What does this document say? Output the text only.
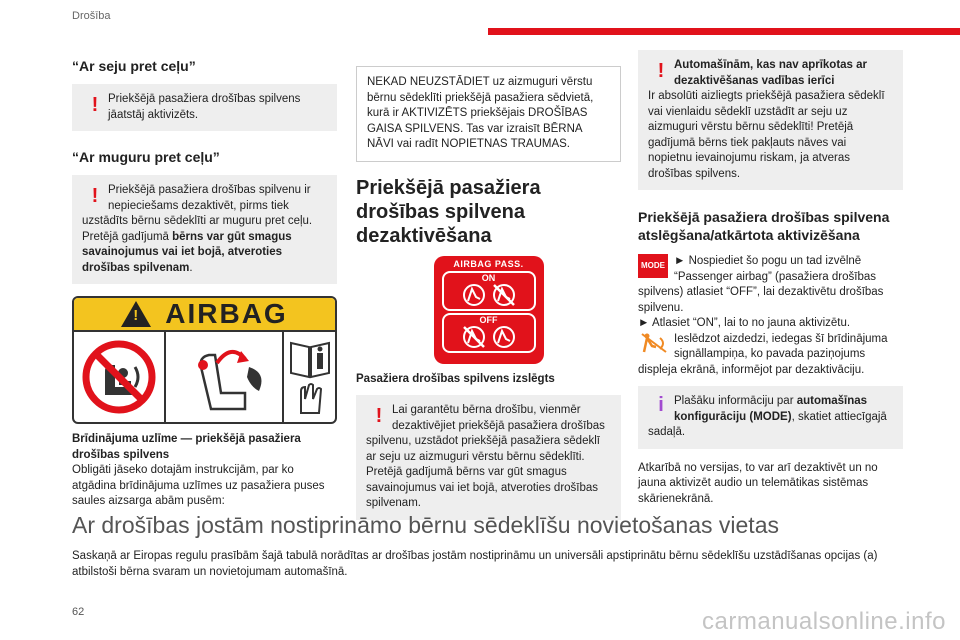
Drošība
“Ar seju pret ceļu”
! Priekšējā pasažiera drošības spilvens jāatstāj aktivizēts.
“Ar muguru pret ceļu”
! Priekšējā pasažiera drošības spilvenu ir nepieciešams dezaktivēt, pirms tiek uzstādīts bērnu sēdeklīti ar muguru pret ceļu. Pretējā gadījumā bērns var gūt smagus savainojumus vai iet bojā, atveroties drošības spilvenam.
!
AIRBAG

Brīdinājuma uzlīme — priekšējā pasažiera drošības spilvens
Obligāti jāseko dotajām instrukcijām, par ko atgādina brīdinājuma uzlīmes uz pasažiera puses saules aizsarga abām pusēm:

NEKAD NEUZSTĀDIET uz aizmuguri vērstu bērnu sēdeklīti priekšējā pasažiera sēdvietā, kurā ir AKTIVIZĒTS priekšējais DROŠĪBAS GAISA SPILVENS. Tas var izraisīt BĒRNA NĀVI vai radīt NOPIETNAS TRAUMAS.
Priekšējā pasažiera drošības spilvena dezaktivēšana
AIRBAG PASS.
ON
OFF

Pasažiera drošības spilvens izslēgts

! Lai garantētu bērna drošību, vienmēr dezaktivējiet priekšējā pasažiera drošības spilvenu, uzstādot priekšējā pasažiera sēdeklī ar seju uz aizmuguri vērstu bērnu sēdeklīti. Pretējā gadījumā bērns var gūt smagus savainojumus vai iet bojā, atveroties drošības spilvenam.
! Automašīnām, kas nav aprīkotas ar dezaktivēšanas vadības ierīci
Ir absolūti aizliegts priekšējā pasažiera sēdeklī vai vienlaidu sēdeklī uzstādīt ar seju uz aizmuguri vērstu bērnu sēdeklīti! Pretējā gadījumā bērns tiek pakļauts nāves vai nopietnu ievainojumu riskam, ja atveras drošības spilvens.
Priekšējā pasažiera drošības spilvena atslēgšana/atkārtota aktivizēšana

MODE ► Nospiediet šo pogu un tad izvēlnē “Passenger airbag” (pasažiera drošības spilvens) atlasiet “OFF”, lai dezaktivētu drošības spilvenu.

► Atlasiet “ON”, lai to no jauna aktivizētu.

Ieslēdzot aizdedzi, iedegas šī brīdinājuma signāllampiņa, ko pavada paziņojums displeja ekrānā, informējot par dezaktivāciju.

i Plašāku informāciju par automašīnas konfigurāciju (MODE), skatiet attiecīgajā sadaļā.

Atkarībā no versijas, to var arī dezaktivēt un no jauna aktivizēt audio un telemātikas sistēmas skārienekrānā.

Ar drošības jostām nostiprināmo bērnu sēdeklīšu novietošanas vietas
Saskaņā ar Eiropas regulu prasībām šajā tabulā norādītas ar drošības jostām nostiprināmu un universāli apstiprinātu bērnu sēdeklīšu uzstādīšanas opcijas (a) atbilstoši bērna svaram un novietojumam automašīnā.
62	carmanualsonline.info
